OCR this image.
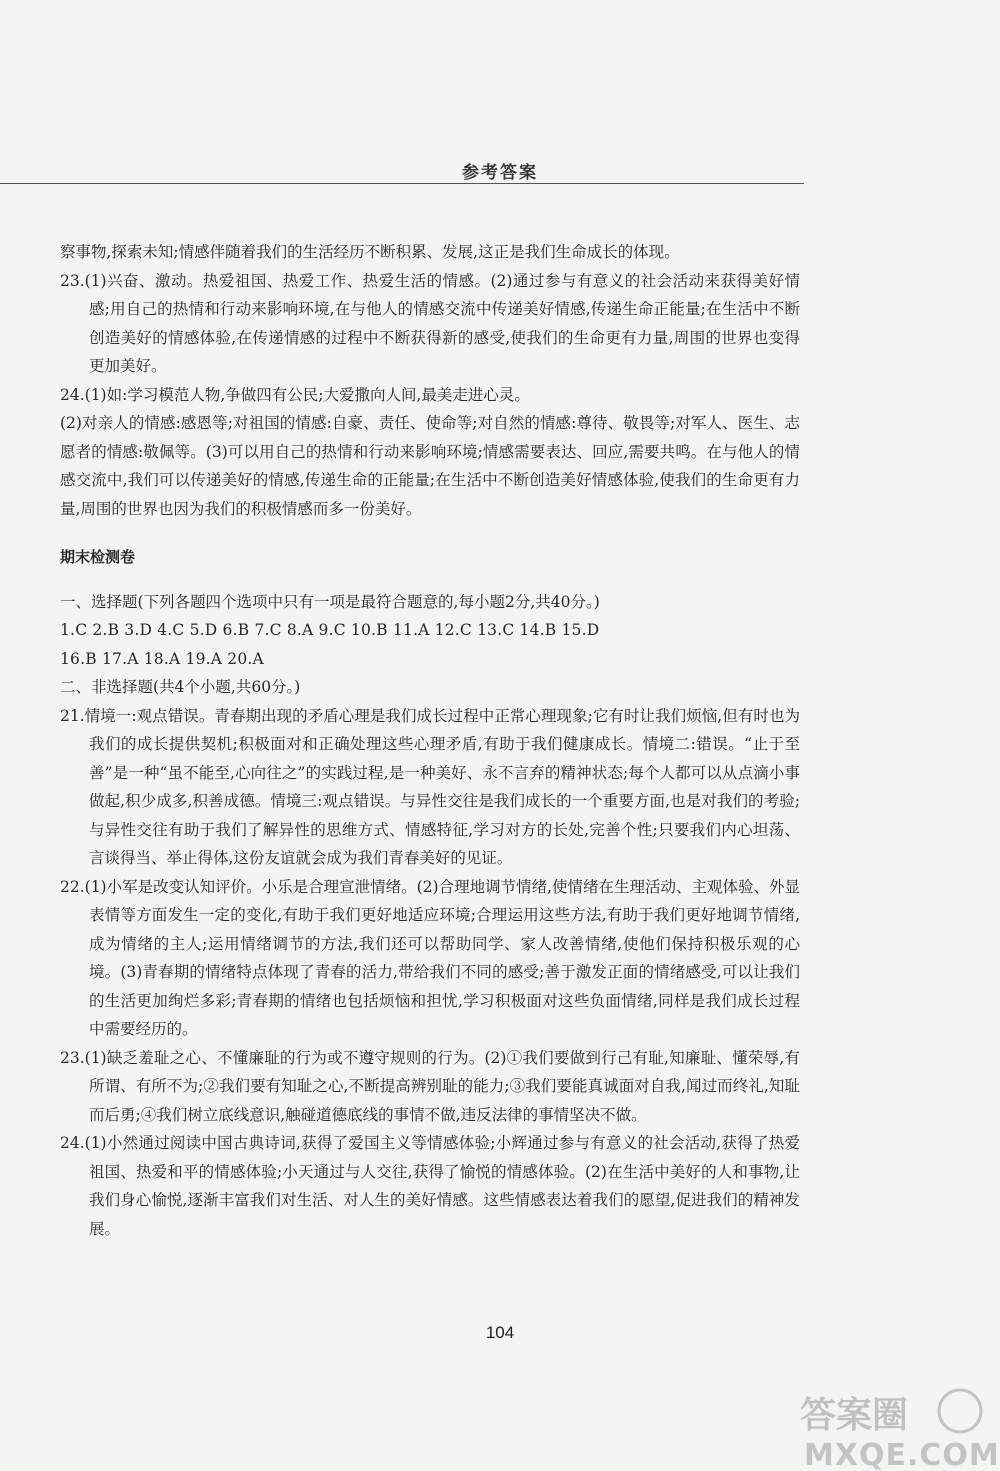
参考答案

察事物,探索未知;情感伴随着我们的生活经历不断积累、发展,这正是我们生命成长的体现。

23.(1)兴奋、激动。热爱祖国、热爱工作、热爱生活的情感。(2)通过参与有意义的社会活动来获得美好情感;用自己的热情和行动来影响环境,在与他人的情感交流中传递美好情感,传递生命正能量;在生活中不断创造美好的情感体验,在传递情感的过程中不断获得新的感受,使我们的生命更有力量,周围的世界也变得更加美好。

24.(1)如:学习模范人物,争做四有公民;大爱撒向人间,最美走进心灵。

(2)对亲人的情感:感恩等;对祖国的情感:自豪、责任、使命等;对自然的情感:尊待、敬畏等;对军人、医生、志愿者的情感:敬佩等。(3)可以用自己的热情和行动来影响环境;情感需要表达、回应,需要共鸣。在与他人的情感交流中,我们可以传递美好的情感,传递生命的正能量;在生活中不断创造美好情感体验,使我们的生命更有力量,周围的世界也因为我们的积极情感而多一份美好。

期末检测卷

一、选择题(下列各题四个选项中只有一项是最符合题意的,每小题2分,共40分。)

1.C 2.B 3.D 4.C 5.D 6.B 7.C 8.A 9.C 10.B 11.A 12.C 13.C 14.B 15.D

16.B 17.A 18.A 19.A 20.A

二、非选择题(共4个小题,共60分。)

21.情境一:观点错误。青春期出现的矛盾心理是我们成长过程中正常心理现象;它有时让我们烦恼,但有时也为我们的成长提供契机;积极面对和正确处理这些心理矛盾,有助于我们健康成长。情境二:错误。“止于至善”是一种“虽不能至,心向往之”的实践过程,是一种美好、永不言弃的精神状态;每个人都可以从点滴小事做起,积少成多,积善成德。情境三:观点错误。与异性交往是我们成长的一个重要方面,也是对我们的考验;与异性交往有助于我们了解异性的思维方式、情感特征,学习对方的长处,完善个性;只要我们内心坦荡、言谈得当、举止得体,这份友谊就会成为我们青春美好的见证。

22.(1)小军是改变认知评价。小乐是合理宣泄情绪。(2)合理地调节情绪,使情绪在生理活动、主观体验、外显表情等方面发生一定的变化,有助于我们更好地适应环境;合理运用这些方法,有助于我们更好地调节情绪,成为情绪的主人;运用情绪调节的方法,我们还可以帮助同学、家人改善情绪,使他们保持积极乐观的心境。(3)青春期的情绪特点体现了青春的活力,带给我们不同的感受;善于激发正面的情绪感受,可以让我们的生活更加绚烂多彩;青春期的情绪也包括烦恼和担忧,学习积极面对这些负面情绪,同样是我们成长过程中需要经历的。

23.(1)缺乏羞耻之心、不懂廉耻的行为或不遵守规则的行为。(2)①我们要做到行己有耻,知廉耻、懂荣辱,有所谓、有所不为;②我们要有知耻之心,不断提高辨别耻的能力;③我们要能真诚面对自我,闻过而终礼,知耻而后勇;④我们树立底线意识,触碰道德底线的事情不做,违反法律的事情坚决不做。

24.(1)小然通过阅读中国古典诗词,获得了爱国主义等情感体验;小辉通过参与有意义的社会活动,获得了热爱祖国、热爱和平的情感体验;小天通过与人交往,获得了愉悦的情感体验。(2)在生活中美好的人和事物,让我们身心愉悦,逐渐丰富我们对生活、对人生的美好情感。这些情感表达着我们的愿望,促进我们的精神发展。

104
答案圈
MXQE.COM
